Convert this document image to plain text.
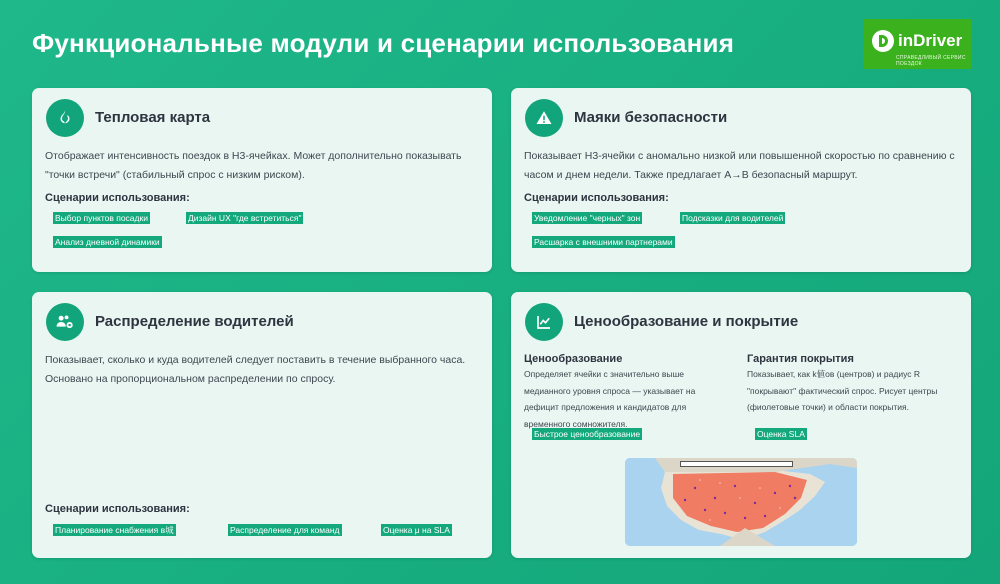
Функциональные модули и сценарии использования	inDriver
СПРАВЕДЛИВЫЙ СЕРВИС ПОЕЗДОК
Тепловая карта
Отображает интенсивность поездок в H3-ячейках. Может дополнительно показывать
"точки встречи" (стабильный спрос с низким риском).
Сценарии использования:
Выбор пунктов посадки	Дизайн UX "где встретиться"
Анализ дневной динамики
Маяки безопасности
Показывает H3-ячейки с аномально низкой или повышенной скоростью по сравнению с
часом и днем недели. Также предлагает A→B безопасный маршрут.
Сценарии использования:
Уведомление "черных" зон	Подсказки для водителей
Расшарка с внешними партнерами
Распределение водителей
Показывает, сколько и куда водителей следует поставить в течение выбранного часа.
Основано на пропорциональном распределении по спросу.
Сценарии использования:
Планирование снабжения в城	Распределение для команд	Оценка μ на SLA
Ценообразование и покрытие
Ценообразование
Определяет ячейки с значительно выше
медианного уровня спроса — указывает на
дефицит предложения и кандидатов для
временного сомножителя.
Быстрое ценообразование
Гарантия покрытия
Показывает, как k値ов (центров) и радиус R
"покрывают" фактический спрос. Рисует центры
(фиолетовые точки) и области покрытия.
Оценка SLA
